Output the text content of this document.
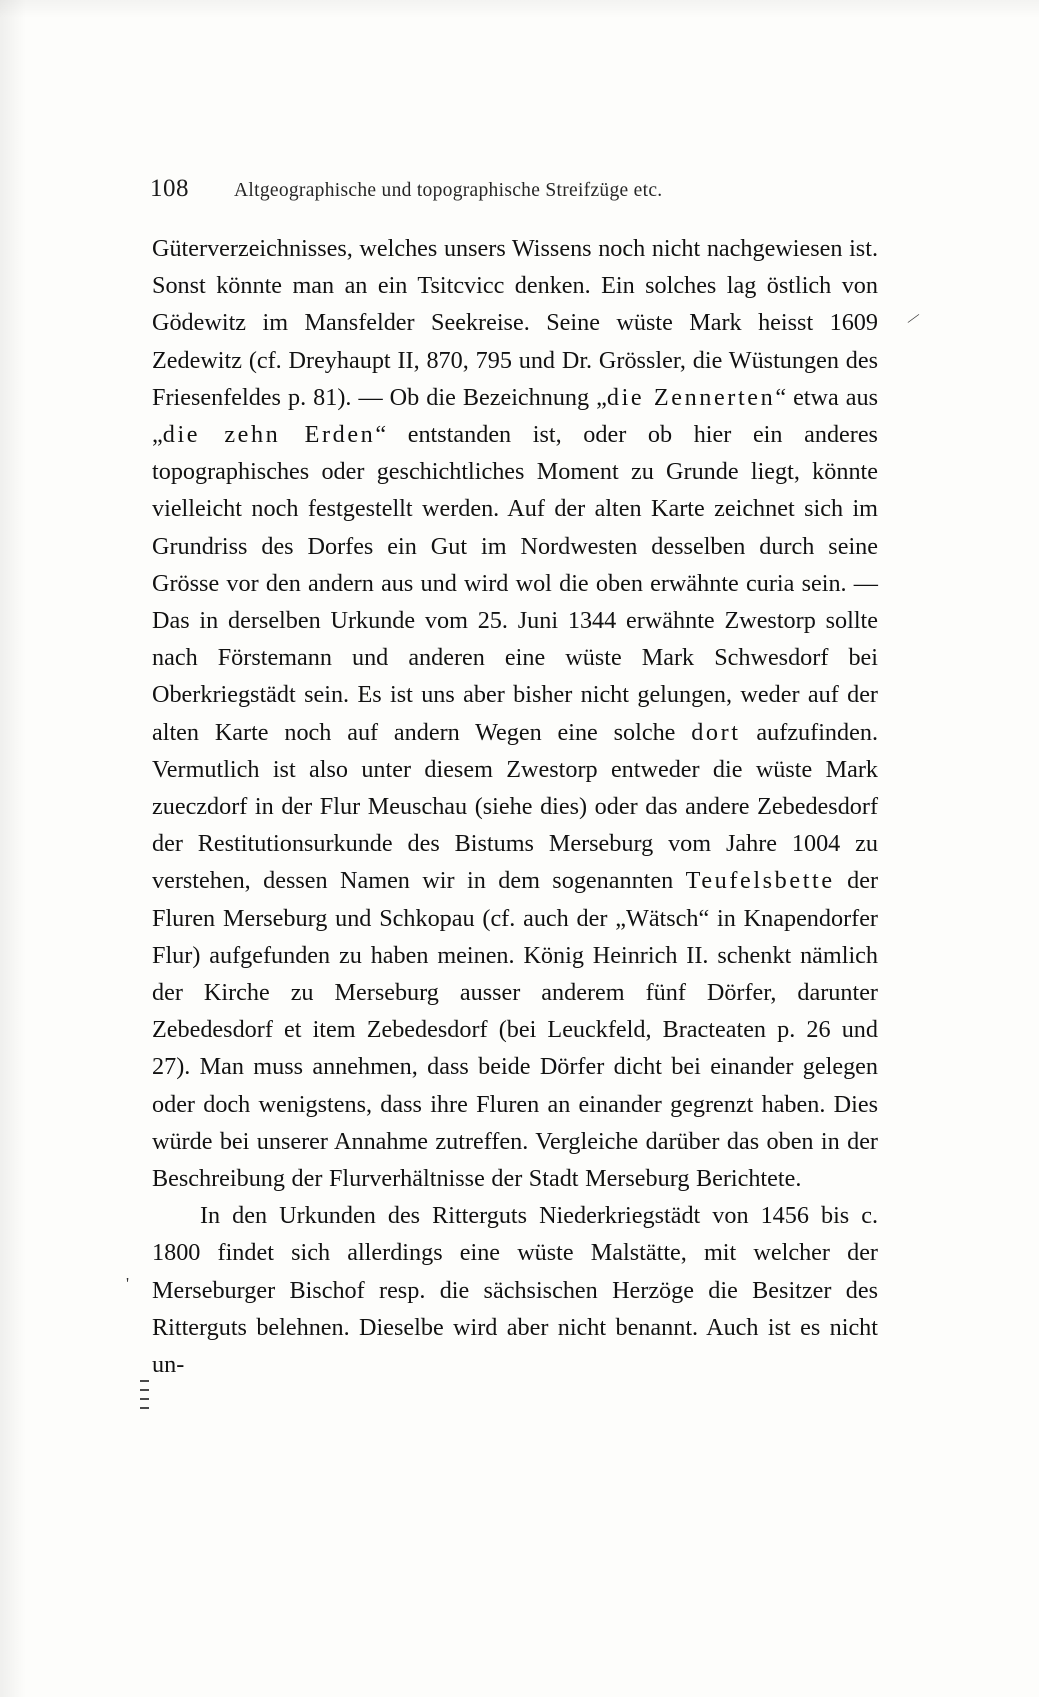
108 Altgeographische und topographische Streifzüge etc.

Güterverzeichnisses, welches unsers Wissens noch nicht nachgewiesen ist. Sonst könnte man an ein Tsitcvicc denken. Ein solches lag östlich von Gödewitz im Mansfelder Seekreise. Seine wüste Mark heisst 1609 Zedewitz (cf. Dreyhaupt II, 870, 795 und Dr. Grössler, die Wüstungen des Friesenfeldes p. 81). — Ob die Bezeichnung „die Zennerten“ etwa aus „die zehn Erden“ entstanden ist, oder ob hier ein anderes topographisches oder geschichtliches Moment zu Grunde liegt, könnte vielleicht noch festgestellt werden. Auf der alten Karte zeichnet sich im Grundriss des Dorfes ein Gut im Nordwesten desselben durch seine Grösse vor den andern aus und wird wol die oben erwähnte curia sein. — Das in derselben Urkunde vom 25. Juni 1344 erwähnte Zwestorp sollte nach Förstemann und anderen eine wüste Mark Schwesdorf bei Oberkriegstädt sein. Es ist uns aber bisher nicht gelungen, weder auf der alten Karte noch auf andern Wegen eine solche dort aufzufinden. Vermutlich ist also unter diesem Zwestorp entweder die wüste Mark zueczdorf in der Flur Meuschau (siehe dies) oder das andere Zebedesdorf der Restitutionsurkunde des Bistums Merseburg vom Jahre 1004 zu verstehen, dessen Namen wir in dem sogenannten Teufelsbette der Fluren Merseburg und Schkopau (cf. auch der „Wätsch“ in Knapendorfer Flur) aufgefunden zu haben meinen. König Heinrich II. schenkt nämlich der Kirche zu Merseburg ausser anderem fünf Dörfer, darunter Zebedesdorf et item Zebedesdorf (bei Leuckfeld, Bracteaten p. 26 und 27). Man muss annehmen, dass beide Dörfer dicht bei einander gelegen oder doch wenigstens, dass ihre Fluren an einander gegrenzt haben. Dies würde bei unserer Annahme zutreffen. Vergleiche darüber das oben in der Beschreibung der Flurverhältnisse der Stadt Merseburg Berichtete.

In den Urkunden des Ritterguts Niederkriegstädt von 1456 bis c. 1800 findet sich allerdings eine wüste Malstätte, mit welcher der Merseburger Bischof resp. die sächsischen Herzöge die Besitzer des Ritterguts belehnen. Dieselbe wird aber nicht benannt. Auch ist es nicht un-

⁄
'
